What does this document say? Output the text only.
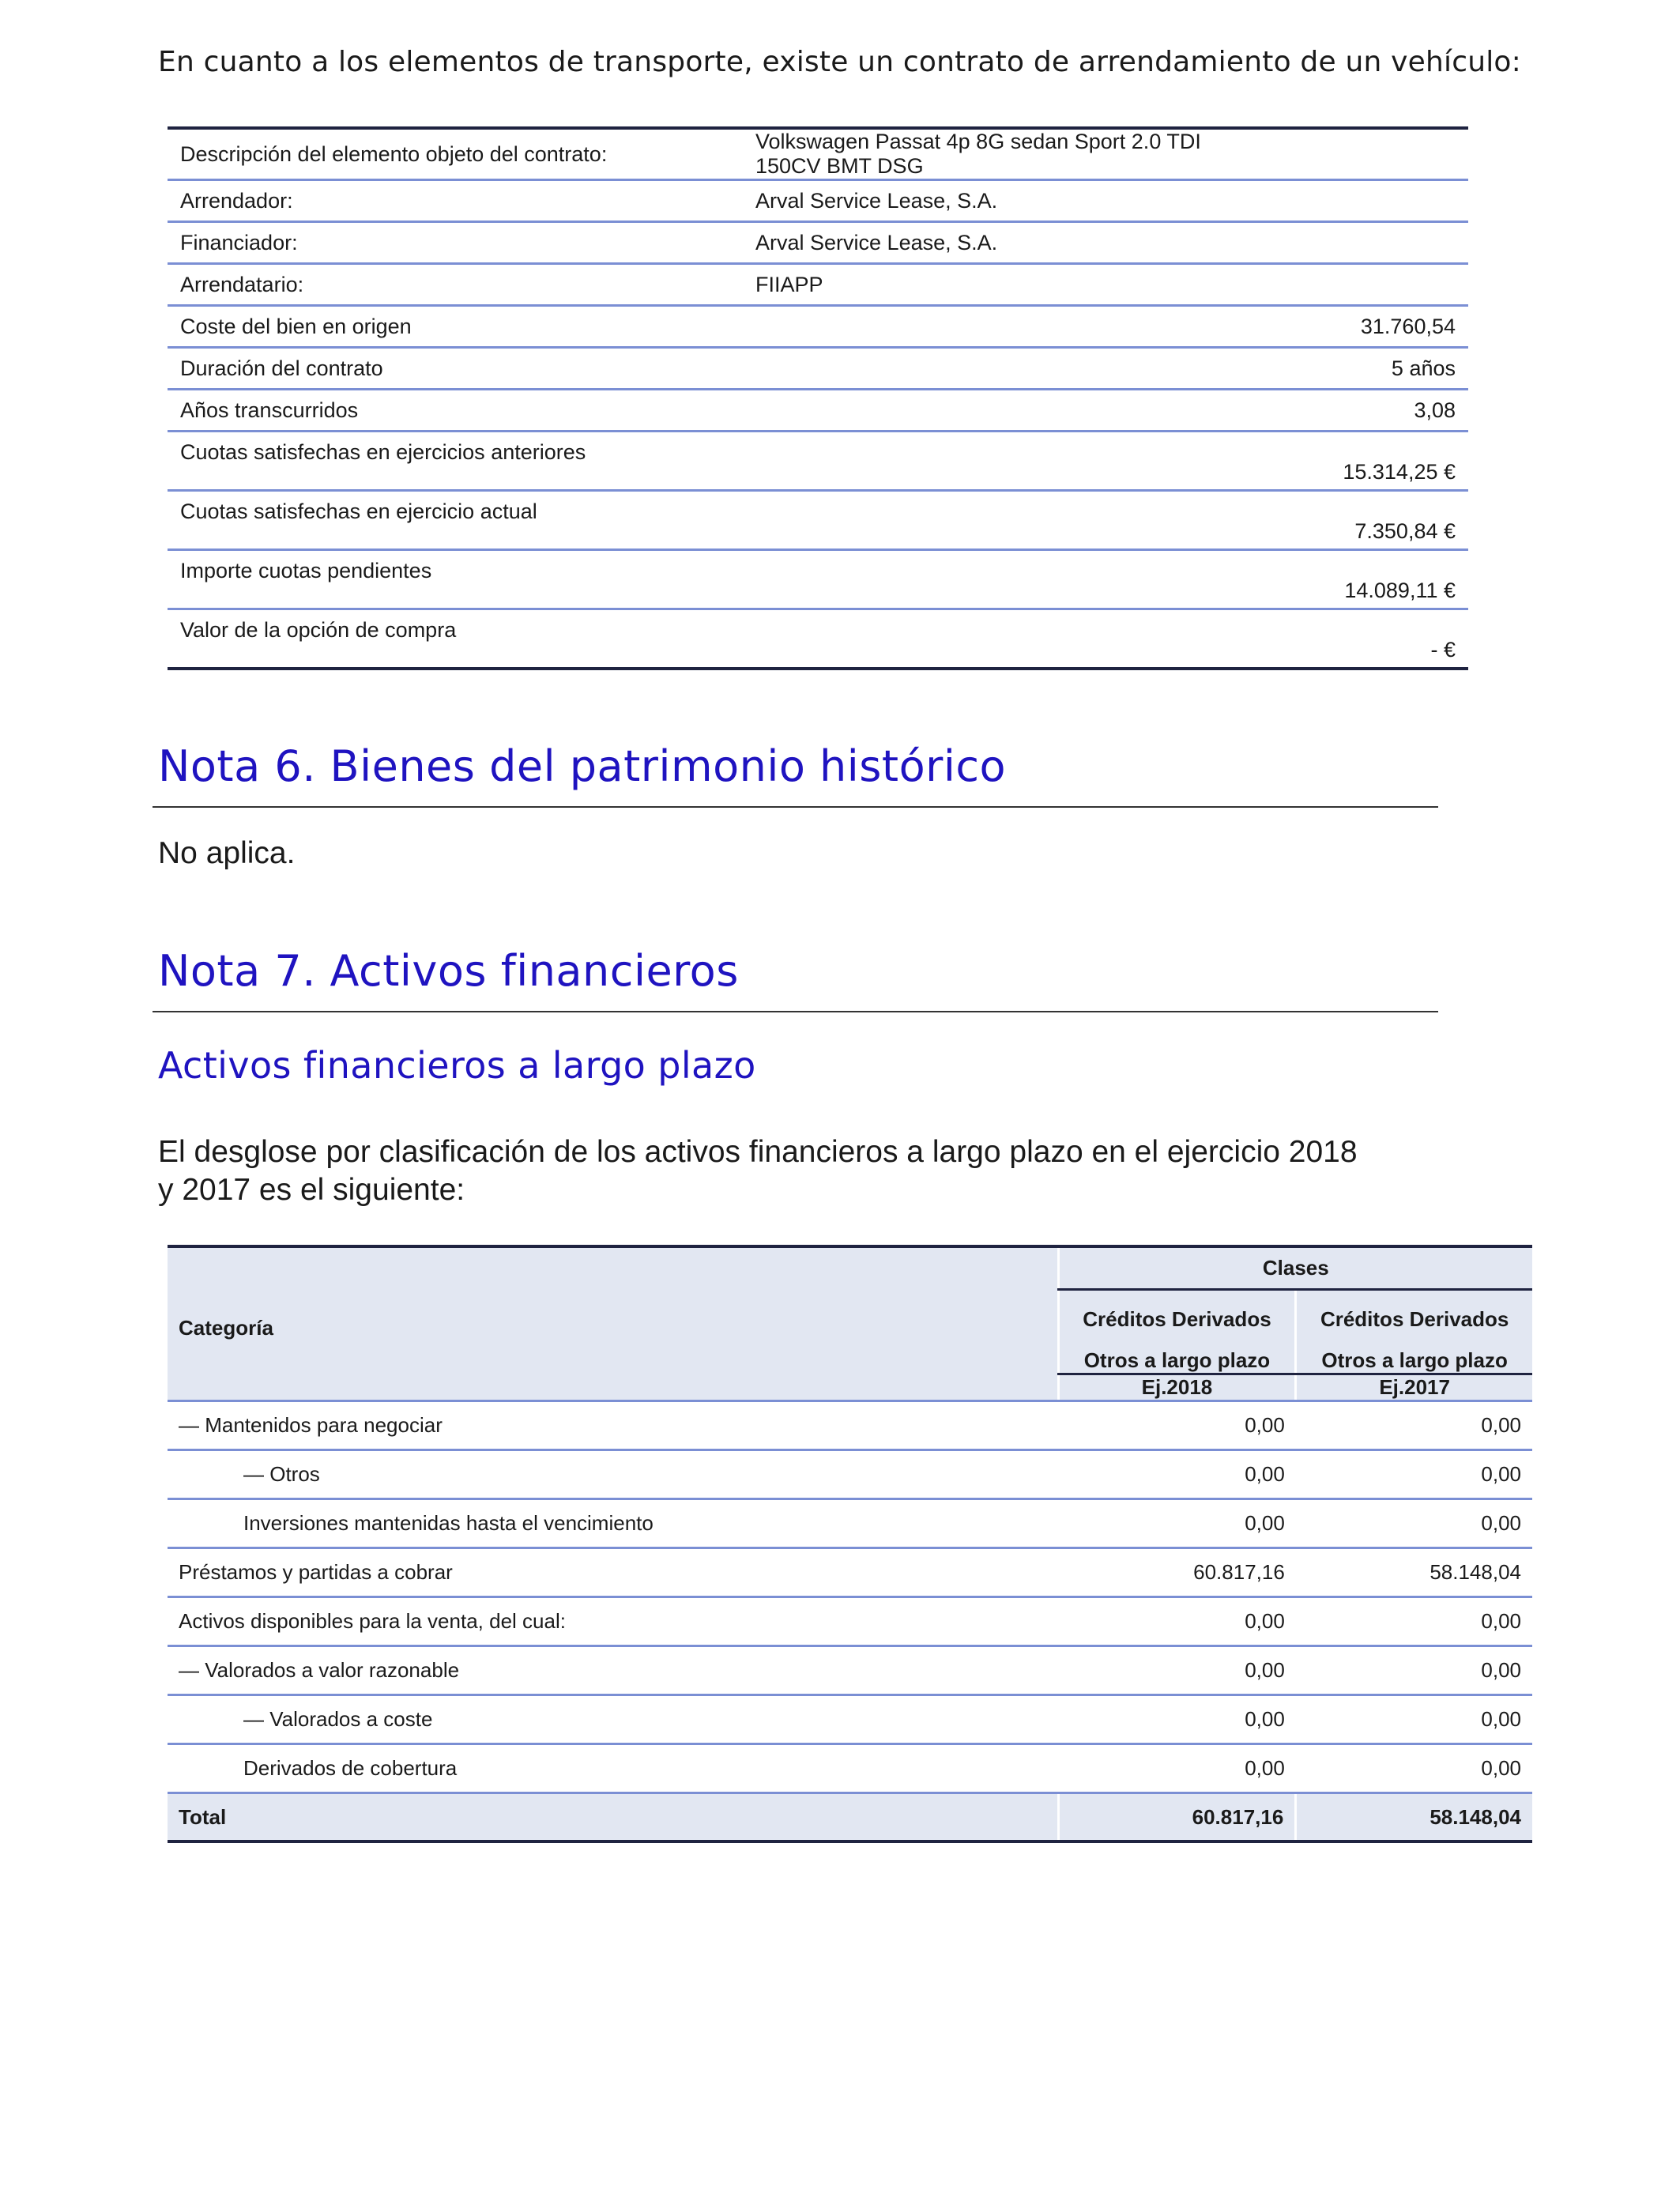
En cuanto a los elementos de transporte, existe un contrato de arrendamiento de un vehículo:
Descripción del elemento objeto del contrato:	Volkswagen Passat 4p 8G sedan Sport 2.0 TDI 150CV BMT DSG	
Arrendador:	Arval Service Lease, S.A.	
Financiador:	Arval Service Lease, S.A.	
Arrendatario:	FIIAPP	
Coste del bien en origen		31.760,54
Duración del contrato		5 años
Años transcurridos		3,08
Cuotas satisfechas en ejercicios anteriores		15.314,25 €
Cuotas satisfechas en ejercicio actual		7.350,84 €
Importe cuotas pendientes		14.089,11 €
Valor de la opción de compra		- €
Nota 6. Bienes del patrimonio histórico
No aplica.
Nota 7. Activos financieros
Activos financieros a largo plazo
El desglose por clasificación de los activos financieros a largo plazo en el ejercicio 2018
y 2017 es el siguiente:
Categoría	Clases	
	Créditos Derivados	Créditos Derivados
	Otros a largo plazo	Otros a largo plazo
	Ej.2018	Ej.2017
— Mantenidos para negociar	0,00	0,00
— Otros	0,00	0,00
Inversiones mantenidas hasta el vencimiento	0,00	0,00
Préstamos y partidas a cobrar	60.817,16	58.148,04
Activos disponibles para la venta, del cual:	0,00	0,00
— Valorados a valor razonable	0,00	0,00
— Valorados a coste	0,00	0,00
Derivados de cobertura	0,00	0,00
Total	60.817,16	58.148,04
